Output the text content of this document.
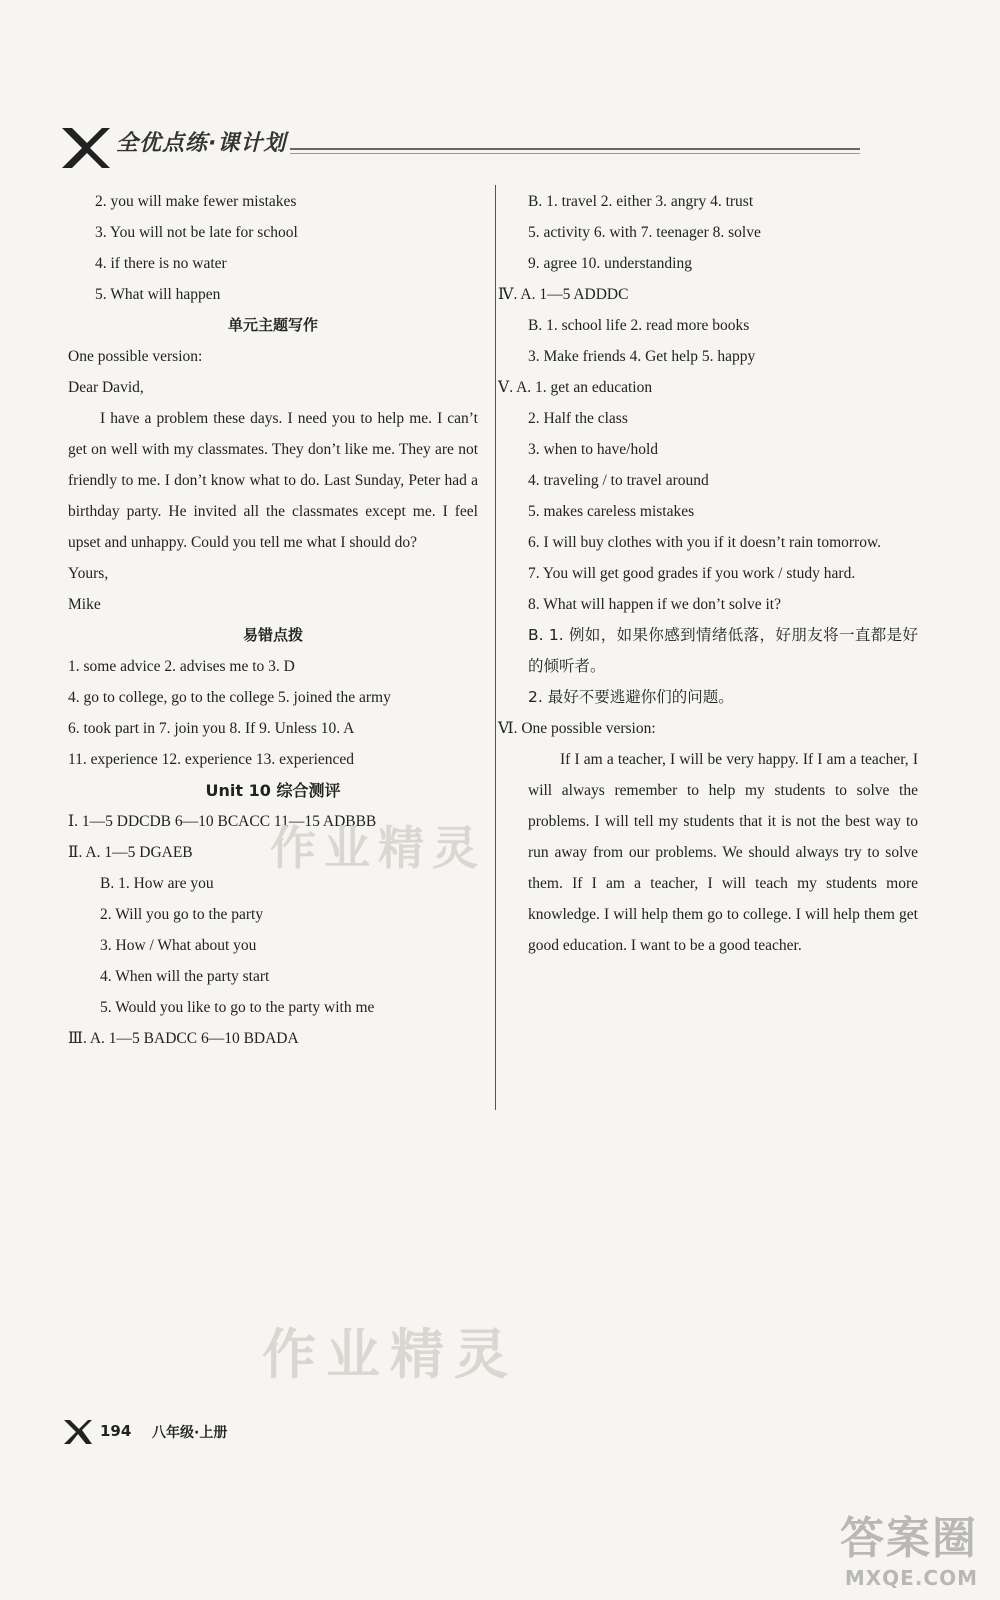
全优点练·课计划
2. you will make fewer mistakes
3. You will not be late for school
4. if there is no water
5. What will happen
单元主题写作
One possible version:
Dear David,
I have a problem these days. I need you to help me. I can’t get on well with my classmates. They don’t like me. They are not friendly to me. I don’t know what to do. Last Sunday, Peter had a birthday party. He invited all the classmates except me. I feel upset and unhappy. Could you tell me what I should do?
Yours,
Mike
易错点拨
1. some advice 2. advises me to 3. D
4. go to college, go to the college 5. joined the army
6. took part in 7. join you 8. If 9. Unless 10. A
11. experience 12. experience 13. experienced
Unit 10 综合测评
Ⅰ. 1—5 DDCDB 6—10 BCACC 11—15 ADBBB
Ⅱ. A. 1—5 DGAEB
B. 1. How are you
2. Will you go to the party
3. How / What about you
4. When will the party start
5. Would you like to go to the party with me
Ⅲ. A. 1—5 BADCC 6—10 BDADA
B. 1. travel 2. either 3. angry 4. trust
5. activity 6. with 7. teenager 8. solve
9. agree 10. understanding
Ⅳ. A. 1—5 ADDDC
B. 1. school life 2. read more books
3. Make friends 4. Get help 5. happy
Ⅴ. A. 1. get an education
2. Half the class
3. when to have/hold
4. traveling / to travel around
5. makes careless mistakes
6. I will buy clothes with you if it doesn’t rain tomorrow.
7. You will get good grades if you work / study hard.
8. What will happen if we don’t solve it?
B. 1. 例如，如果你感到情绪低落，好朋友将一直都是好的倾听者。
2. 最好不要逃避你们的问题。
Ⅵ. One possible version:
If I am a teacher, I will be very happy. If I am a teacher, I will always remember to help my students to solve the problems. I will tell my students that it is not the best way to run away from our problems. We should always try to solve them. If I am a teacher, I will teach my students more knowledge. I will help them go to college. I will help them get good education. I want to be a good teacher.
作业精灵
作业精灵
答案圈
MXQE.COM
194 八年级·上册
